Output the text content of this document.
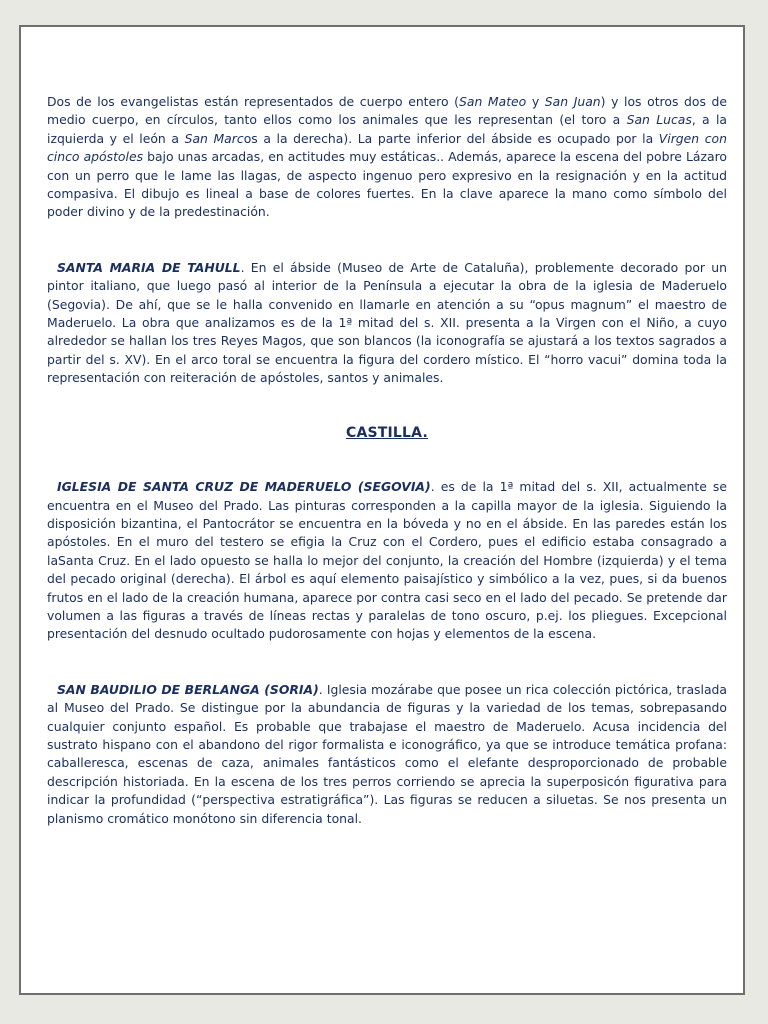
Dos de los evangelistas están representados de cuerpo entero (San Mateo y San Juan) y los otros dos de medio cuerpo, en círculos, tanto ellos como los animales que les representan (el toro a San Lucas, a la izquierda y el león a San Marcos a la derecha). La parte inferior del ábside es ocupado por la Virgen con cinco apóstoles bajo unas arcadas, en actitudes muy estáticas.. Además, aparece la escena del pobre Lázaro con un perro que le lame las llagas, de aspecto ingenuo pero expresivo en la resignación y en la actitud compasiva. El dibujo es lineal a base de colores fuertes. En la clave aparece la mano como símbolo del poder divino y de la predestinación.

SANTA MARIA DE TAHULL. En el ábside (Museo de Arte de Cataluña), problemente decorado por un pintor italiano, que luego pasó al interior de la Península a ejecutar la obra de la iglesia de Maderuelo (Segovia). De ahí, que se le halla convenido en llamarle en atención a su “opus magnum” el maestro de Maderuelo. La obra que analizamos es de la 1ª mitad del s. XII. presenta a la Virgen con el Niño, a cuyo alrededor se hallan los tres Reyes Magos, que son blancos (la iconografía se ajustará a los textos sagrados a partir del s. XV). En el arco toral se encuentra la figura del cordero místico. El “horro vacui” domina toda la representación con reiteración de apóstoles, santos y animales.

CASTILLA.

IGLESIA DE SANTA CRUZ DE MADERUELO (SEGOVIA). es de la 1ª mitad del s. XII, actualmente se encuentra en el Museo del Prado. Las pinturas corresponden a la capilla mayor de la iglesia. Siguiendo la disposición bizantina, el Pantocrátor se encuentra en la bóveda y no en el ábside. En las paredes están los apóstoles. En el muro del testero se efigia la Cruz con el Cordero, pues el edificio estaba consagrado a laSanta Cruz. En el lado opuesto se halla lo mejor del conjunto, la creación del Hombre (izquierda) y el tema del pecado original (derecha). El árbol es aquí elemento paisajístico y simbólico a la vez, pues, si da buenos frutos en el lado de la creación humana, aparece por contra casi seco en el lado del pecado. Se pretende dar volumen a las figuras a través de líneas rectas y paralelas de tono oscuro, p.ej. los pliegues. Excepcional presentación del desnudo ocultado pudorosamente con hojas y elementos de la escena.

SAN BAUDILIO DE BERLANGA (SORIA). Iglesia mozárabe que posee un rica colección pictórica, traslada al Museo del Prado. Se distingue por la abundancia de figuras y la variedad de los temas, sobrepasando cualquier conjunto español. Es probable que trabajase el maestro de Maderuelo. Acusa incidencia del sustrato hispano con el abandono del rigor formalista e iconográfico, ya que se introduce temática profana: caballeresca, escenas de caza, animales fantásticos como el elefante desproporcionado de probable descripción historiada. En la escena de los tres perros corriendo se aprecia la superposicón figurativa para indicar la profundidad (“perspectiva estratigráfica”). Las figuras se reducen a siluetas. Se nos presenta un planismo cromático monótono sin diferencia tonal.
